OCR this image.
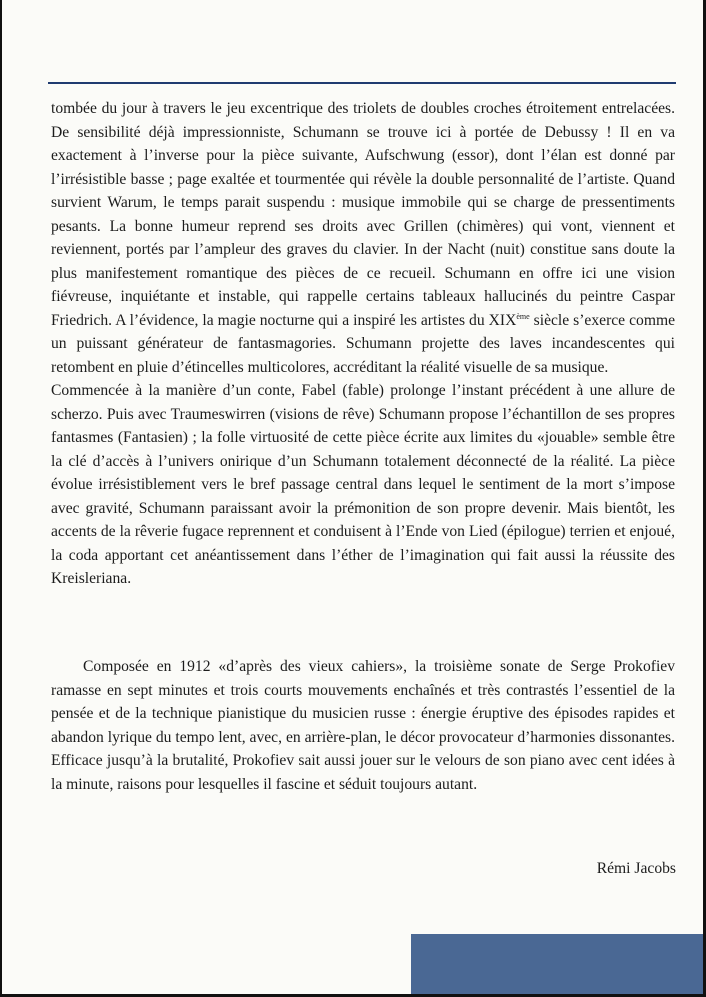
tombée du jour à travers le jeu excentrique des triolets de doubles croches étroitement entrelacées. De sensibilité déjà impressionniste, Schumann se trouve ici à portée de Debussy ! Il en va exactement à l’inverse pour la pièce suivante, Aufschwung (essor), dont l’élan est donné par l’irrésistible basse ; page exaltée et tourmentée qui révèle la double personnalité de l’artiste. Quand survient Warum, le temps parait suspendu : musique immobile qui se charge de pressentiments pesants. La bonne humeur reprend ses droits avec Grillen (chimères) qui vont, viennent et reviennent, portés par l’ampleur des graves du clavier. In der Nacht (nuit) constitue sans doute la plus manifestement romantique des pièces de ce recueil. Schumann en offre ici une vision fiévreuse, inquiétante et instable, qui rappelle certains tableaux hallucinés du peintre Caspar Friedrich. A l’évidence, la magie nocturne qui a inspiré les artistes du XIXème siècle s’exerce comme un puissant générateur de fantasmagories. Schumann projette des laves incandescentes qui retombent en pluie d’étincelles multicolores, accréditant la réalité visuelle de sa musique.
Commencée à la manière d’un conte, Fabel (fable) prolonge l’instant précédent à une allure de scherzo. Puis avec Traumeswirren (visions de rêve) Schumann propose l’échantillon de ses propres fantasmes (Fantasien) ; la folle virtuosité de cette pièce écrite aux limites du «jouable» semble être la clé d’accès à l’univers onirique d’un Schumann totalement déconnecté de la réalité. La pièce évolue irrésistiblement vers le bref passage central dans lequel le sentiment de la mort s’impose avec gravité, Schumann paraissant avoir la prémonition de son propre devenir. Mais bientôt, les accents de la rêverie fugace reprennent et conduisent à l’Ende von Lied (épilogue) terrien et enjoué, la coda apportant cet anéantissement dans l’éther de l’imagination qui fait aussi la réussite des Kreisleriana.

Composée en 1912 «d’après des vieux cahiers», la troisième sonate de Serge Prokofiev ramasse en sept minutes et trois courts mouvements enchaînés et très contrastés l’essentiel de la pensée et de la technique pianistique du musicien russe : énergie éruptive des épisodes rapides et abandon lyrique du tempo lent, avec, en arrière-plan, le décor provocateur d’harmonies dissonantes. Efficace jusqu’à la brutalité, Prokofiev sait aussi jouer sur le velours de son piano avec cent idées à la minute, raisons pour lesquelles il fascine et séduit toujours autant.

Rémi Jacobs
